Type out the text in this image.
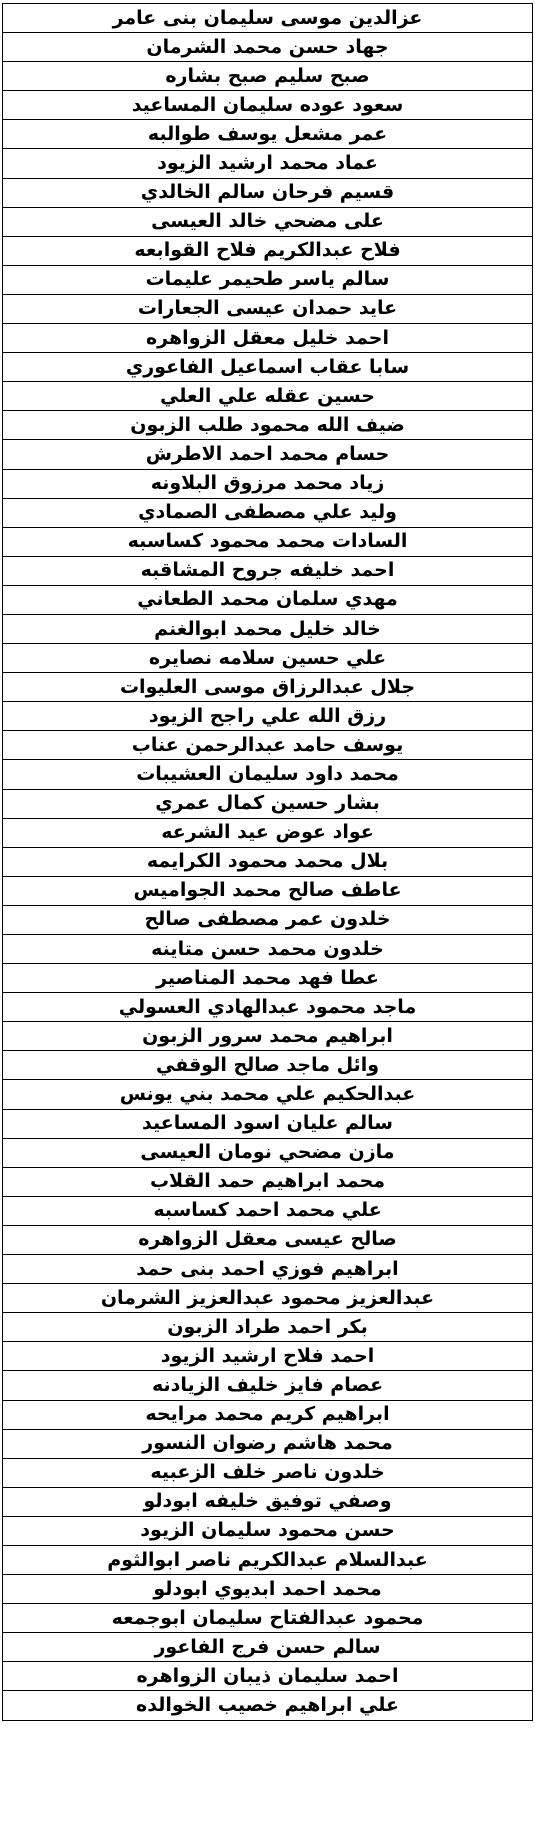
عزالدين موسى سليمان بنى عامر
جهاد حسن محمد الشرمان
صبح سليم صبح بشاره
سعود عوده سليمان المساعيد
عمر مشعل يوسف طوالبه
عماد محمد ارشيد الزيود
قسيم فرحان سالم الخالدي
على مضحي خالد العيسى
فلاح عبدالكريم فلاح القوابعه
سالم ياسر طحيمر عليمات
عايد حمدان عيسى الجعارات
احمد خليل معقل الزواهره
سابا عقاب اسماعيل الفاعوري
حسين عقله علي العلي
ضيف الله محمود طلب الزبون
حسام محمد احمد الاطرش
زياد محمد مرزوق البلاونه
وليد علي مصطفى الصمادي
السادات محمد محمود كساسبه
احمد خليفه جروح المشاقبه
مهدي سلمان محمد الطعاني
خالد خليل محمد ابوالغنم
علي حسين سلامه نصايره
جلال عبدالرزاق موسى العليوات
رزق الله علي راجح الزيود
يوسف حامد عبدالرحمن عناب
محمد داود سليمان العشيبات
بشار حسين كمال عمري
عواد عوض عيد الشرعه
بلال محمد محمود الكرايمه
عاطف صالح محمد الجواميس
خلدون عمر مصطفى صالح
خلدون محمد حسن متاينه
عطا فهد محمد المناصير
ماجد محمود عبدالهادي العسولي
ابراهيم محمد سرور الزبون
وائل ماجد صالح الوقفي
عبدالحكيم علي محمد بني يونس
سالم عليان اسود المساعيد
مازن مضحي نومان العيسى
محمد ابراهيم حمد القلاب
علي محمد احمد كساسبه
صالح عيسى معقل الزواهره
ابراهيم فوزي احمد بنى حمد
عبدالعزيز محمود عبدالعزيز الشرمان
بكر احمد طراد الزبون
احمد فلاح ارشيد الزيود
عصام فايز خليف الزيادنه
ابراهيم كريم محمد مرايحه
محمد هاشم رضوان النسور
خلدون ناصر خلف الزعبيه
وصفي توفيق خليفه ابودلو
حسن محمود سليمان الزيود
عبدالسلام عبدالكريم ناصر ابوالثوم
محمد احمد ابديوي ابودلو
محمود عبدالفتاح سليمان ابوجمعه
سالم حسن فرج الفاعور
احمد سليمان ذيبان الزواهره
علي ابراهيم خصيب الخوالده
